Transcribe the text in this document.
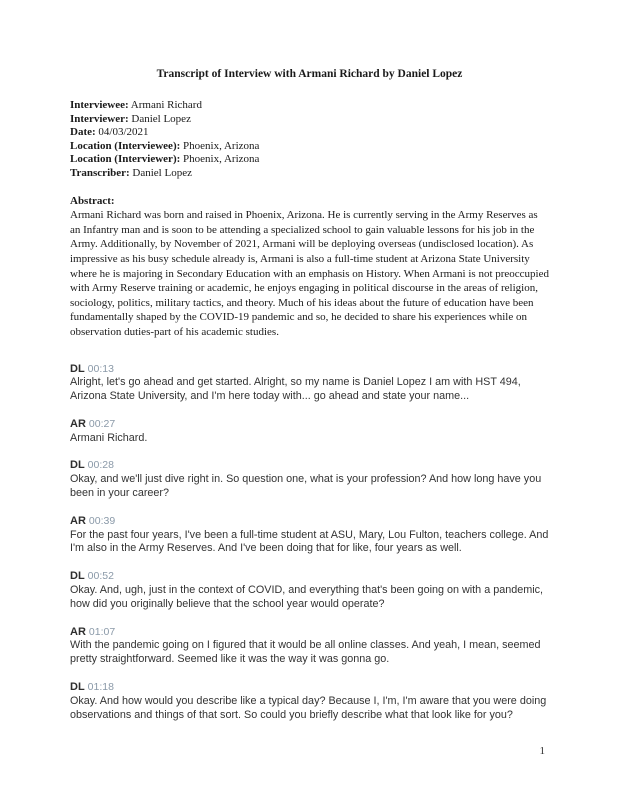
Transcript of Interview with Armani Richard by Daniel Lopez
Interviewee: Armani Richard
Interviewer: Daniel Lopez
Date: 04/03/2021
Location (Interviewee): Phoenix, Arizona
Location (Interviewer): Phoenix, Arizona
Transcriber: Daniel Lopez
Abstract:

Armani Richard was born and raised in Phoenix, Arizona. He is currently serving in the Army Reserves as an Infantry man and is soon to be attending a specialized school to gain valuable lessons for his job in the Army. Additionally, by November of 2021, Armani will be deploying overseas (undisclosed location). As impressive as his busy schedule already is, Armani is also a full-time student at Arizona State University where he is majoring in Secondary Education with an emphasis on History. When Armani is not preoccupied with Army Reserve training or academic, he enjoys engaging in political discourse in the areas of religion, sociology, politics, military tactics, and theory. Much of his ideas about the future of education have been fundamentally shaped by the COVID-19 pandemic and so, he decided to share his experiences while on observation duties-part of his academic studies.

DL 00:13

Alright, let's go ahead and get started. Alright, so my name is Daniel Lopez I am with HST 494, Arizona State University, and I'm here today with... go ahead and state your name...

AR 00:27

Armani Richard.

DL 00:28

Okay, and we'll just dive right in. So question one, what is your profession? And how long have you been in your career?

AR 00:39

For the past four years, I've been a full-time student at ASU, Mary, Lou Fulton, teachers college. And I'm also in the Army Reserves. And I've been doing that for like, four years as well.

DL 00:52

Okay. And, ugh, just in the context of COVID, and everything that's been going on with a pandemic, how did you originally believe that the school year would operate?

AR 01:07

With the pandemic going on I figured that it would be all online classes. And yeah, I mean, seemed pretty straightforward. Seemed like it was the way it was gonna go.

DL 01:18

Okay. And how would you describe like a typical day? Because I, I'm, I'm aware that you were doing observations and things of that sort. So could you briefly describe what that look like for you?

1
